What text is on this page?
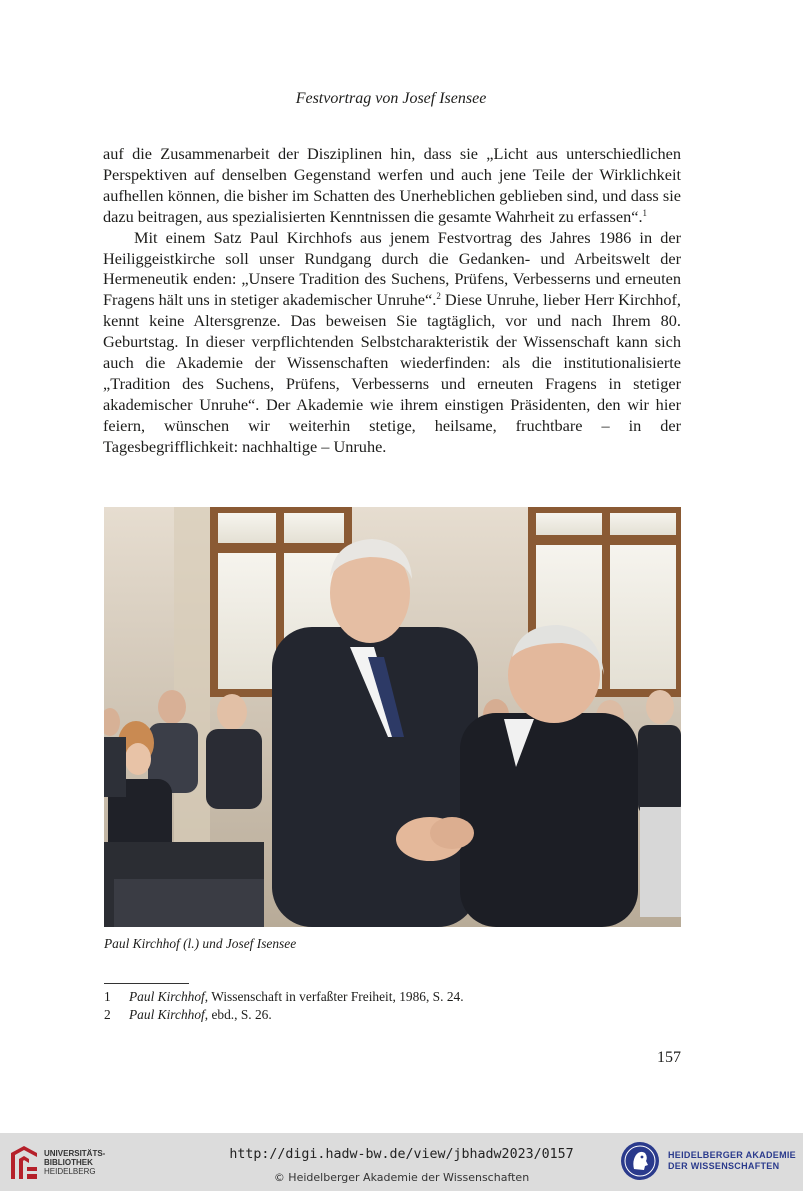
Festvortrag von Josef Isensee

auf die Zusammenarbeit der Disziplinen hin, dass sie „Licht aus unterschiedlichen Perspektiven auf denselben Gegenstand werfen und auch jene Teile der Wirklichkeit aufhellen können, die bisher im Schatten des Unerheblichen geblieben sind, und dass sie dazu beitragen, aus spezialisierten Kenntnissen die gesamte Wahrheit zu erfassen“.$^1$

Mit einem Satz Paul Kirchhofs aus jenem Festvortrag des Jahres 1986 in der Heiliggeistkirche soll unser Rundgang durch die Gedanken- und Arbeitswelt der Hermeneutik enden: „Unsere Tradition des Suchens, Prüfens, Verbesserns und erneuten Fragens hält uns in stetiger akademischer Unruhe“.$^2$ Diese Unruhe, lieber Herr Kirchhof, kennt keine Altersgrenze. Das beweisen Sie tagtäglich, vor und nach Ihrem 80. Geburtstag. In dieser verpflichtenden Selbstcharakteristik der Wissenschaft kann sich auch die Akademie der Wissenschaften wiederfinden: als die institutionalisierte „Tradition des Suchens, Prüfens, Verbesserns und erneuten Fragens in stetiger akademischer Unruhe“. Der Akademie wie ihrem einstigen Präsidenten, den wir hier feiern, wünschen wir weiterhin stetige, heilsame, fruchtbare – in der Tagesbegrifflichkeit: nachhaltige – Unruhe.

Paul Kirchhof (l.) und Josef Isensee
1	Paul Kirchhof, Wissenschaft in verfaßter Freiheit, 1986, S. 24.
2	Paul Kirchhof, ebd., S. 26.
157
UNIVERSITÄTS-
BIBLIOTHEK
HEIDELBERG
http://digi.hadw-bw.de/view/jbhadw2023/0157
© Heidelberger Akademie der Wissenschaften
HEIDELBERGER AKADEMIE
DER WISSENSCHAFTEN
